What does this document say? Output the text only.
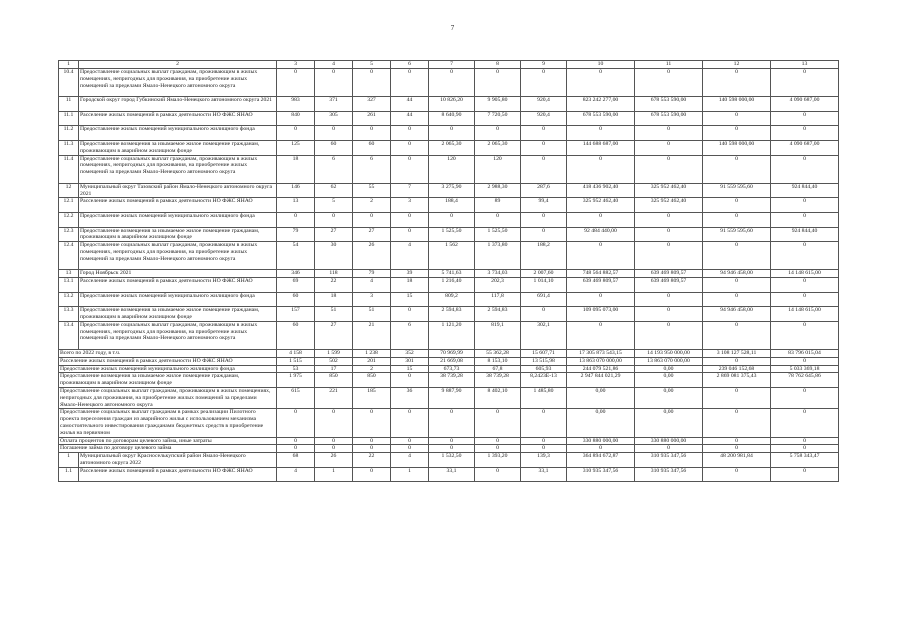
7
1	2	3	4	5	6	7	8	9	10	11	12	13
10.4	Предоставление социальных выплат гражданам, проживающим в жилых помещениях, непригодных для проживания, на приобретение жилых помещений за пределами Ямало-Ненецкого автономного округа	0	0	0	0	0	0	0	0	0	0	0
11	Городской округ город Губкинский Ямало-Ненецкого автономного округа 2021	983	371	327	44	10 826,20	9 905,80	920,4	823 242 277,00	678 553 590,00	140 598 000,00	4 090 687,00
11.1	Расселение жилых помещений в рамках деятельности НО ФЖС ЯНАО	840	305	261	44	8 640,90	7 720,50	920,4	678 553 590,00	678 553 590,00	0	0
11.2	Предоставление жилых помещений муниципального жилищного фонда	0	0	0	0	0	0	0	0	0	0	0
11.3	Предоставление возмещения за изымаемое жилое помещение гражданам, проживающим в аварийном жилищном фонде	125	60	60	0	2 065,30	2 065,30	0	144 688 687,00	0	140 598 000,00	4 090 687,00
11.4	Предоставление социальных выплат гражданам, проживающим в жилых помещениях, непригодных для проживания, на приобретение жилых помещений за пределами Ямало-Ненецкого автономного округа	18	6	6	0	120	120	0	0	0	0	0
12	Муниципальный округ Тазовский район Ямало-Ненецкого автономного округа 2021	146	62	55	7	3 275,90	2 988,30	287,6	418 436 902,40	325 952 462,40	91 559 595,60	924 844,40
12.1	Расселение жилых помещений в рамках деятельности НО ФЖС ЯНАО	13	5	2	3	188,4	89	99,4	325 952 462,40	325 952 462,40	0	0
12.2	Предоставление жилых помещений муниципального жилищного фонда	0	0	0	0	0	0	0	0	0	0	0
12.3	Предоставление возмещения за изымаемое жилое помещение гражданам, проживающим в аварийном жилищном фонде	79	27	27	0	1 525,50	1 525,50	0	92 484 440,00	0	91 559 595,60	924 844,40
12.4	Предоставление социальных выплат гражданам, проживающим в жилых помещениях, непригодных для проживания, на приобретение жилых помещений за пределами Ямало-Ненецкого автономного округа	54	30	26	4	1 562	1 373,80	188,2	0	0	0	0
13	Город Ноябрьск 2021	346	118	79	39	5 741,63	3 734,03	2 007,60	748 564 882,57	639 469 809,57	94 946 458,00	14 148 615,00
13.1	Расселение жилых помещений в рамках деятельности НО ФЖС ЯНАО	69	22	4	18	1 216,40	202,3	1 014,10	639 469 809,57	639 469 809,57	0	0
13.2	Предоставление жилых помещений муниципального жилищного фонда	60	18	3	15	809,2	117,8	691,4	0	0	0	0
13.3	Предоставление возмещения за изымаемое жилое помещение гражданам, проживающим в аварийном жилищном фонде	157	51	51	0	2 594,83	2 594,83	0	109 095 073,00	0	94 946 458,00	14 148 615,00
13.4	Предоставление социальных выплат гражданам, проживающим в жилых помещениях, непригодных для проживания, на приобретение жилых помещений за пределами Ямало-Ненецкого автономного округа	60	27	21	6	1 121,20	819,1	302,1	0	0	0	0
Всего по 2022 году, в т.ч.		4 158	1 599	1 238	352	70 969,99	55 362,28	15 607,71	17 305 873 543,15	14 193 950 000,00	3 108 127 528,11	83 796 015,04
Расселение жилых помещений в рамках деятельности НО ФЖС ЯНАО		1 515	502	201	301	21 669,08	8 153,10	13 515,98	13 863 070 000,00	13 863 070 000,00	0	0
Предоставление жилых помещений муниципального жилищного фонда		53	17	2	15	673,73	67,8	605,93	244 079 521,86	0,00	239 046 152,68	5 033 369,18
Предоставление возмещения за изымаемое жилое помещение гражданам, проживающим в аварийном жилищном фонде		1 975	850	850	0	38 739,28	38 739,28	8,2423E-13	2 947 844 021,29	0,00	2 869 081 375,43	78 762 645,86
Предоставление социальных выплат гражданам, проживающим в жилых помещениях, непригодных для проживания, на приобретение жилых помещений за пределами Ямало-Ненецкого автономного округа		615	221	185	36	9 887,90	8 402,10	1 485,80	0,00	0,00	0	0
Предоставление социальных выплат гражданам в рамках реализации Пилотного проекта переселения граждан из аварийного жилья с использованием механизма самостоятельного инвестирования гражданами бюджетных средств в приобретение жилья на первичном		0	0	0	0	0	0	0	0,00	0,00	0	0
Оплата процентов по договорам целевого займа, иные затраты		0	0	0	0	0	0	0	330 880 000,00	330 880 000,00	0	0
Погашение займа по договору целевого займа		0	0	0	0	0	0	0	0	0	0	0
1	Муниципальный округ Красноселькупский район Ямало-Ненецкого автономного округа 2022	68	26	22	4	1 532,50	1 393,20	139,3	364 894 672,87	310 935 347,56	48 200 981,84	5 758 343,47
1.1	Расселение жилых помещений в рамках деятельности НО ФЖС ЯНАО	4	1	0	1	33,1	0	33,1	310 935 347,56	310 935 347,56	0	0
